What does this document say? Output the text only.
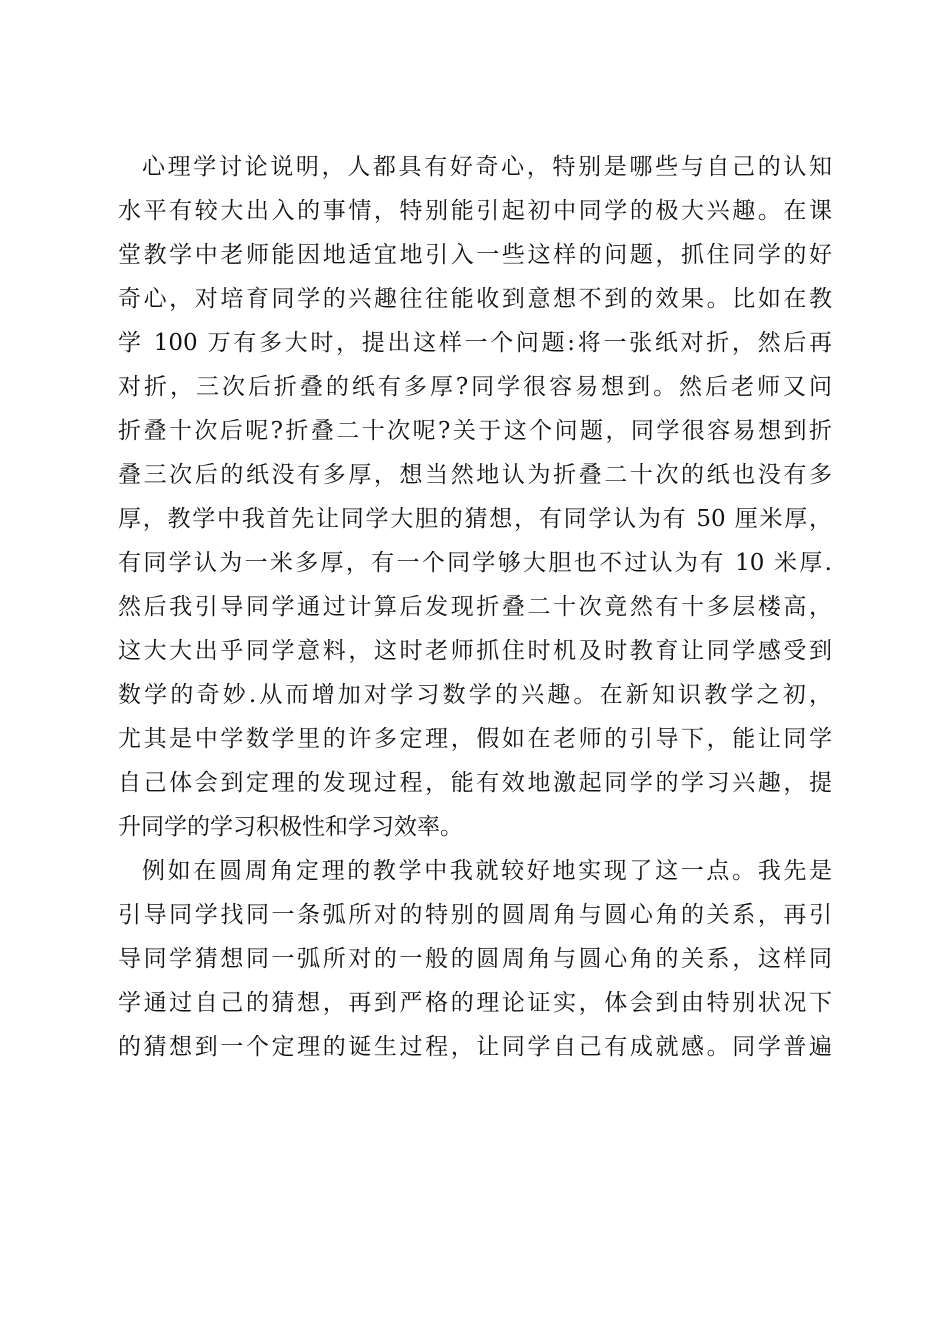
心理学讨论说明，人都具有好奇心，特别是哪些与自己的认知
水平有较大出入的事情，特别能引起初中同学的极大兴趣。在课
堂教学中老师能因地适宜地引入一些这样的问题，抓住同学的好
奇心，对培育同学的兴趣往往能收到意想不到的效果。比如在教
学 100 万有多大时，提出这样一个问题:将一张纸对折，然后再
对折，三次后折叠的纸有多厚?同学很容易想到。然后老师又问
折叠十次后呢?折叠二十次呢?关于这个问题，同学很容易想到折
叠三次后的纸没有多厚，想当然地认为折叠二十次的纸也没有多
厚，教学中我首先让同学大胆的猜想，有同学认为有 50 厘米厚，
有同学认为一米多厚，有一个同学够大胆也不过认为有 10 米厚.
然后我引导同学通过计算后发现折叠二十次竟然有十多层楼高，
这大大出乎同学意料，这时老师抓住时机及时教育让同学感受到
数学的奇妙.从而增加对学习数学的兴趣。在新知识教学之初，
尤其是中学数学里的许多定理，假如在老师的引导下，能让同学
自己体会到定理的发现过程，能有效地激起同学的学习兴趣，提
升同学的学习积极性和学习效率。
例如在圆周角定理的教学中我就较好地实现了这一点。我先是
引导同学找同一条弧所对的特别的圆周角与圆心角的关系，再引
导同学猜想同一弧所对的一般的圆周角与圆心角的关系，这样同
学通过自己的猜想，再到严格的理论证实，体会到由特别状况下
的猜想到一个定理的诞生过程，让同学自己有成就感。同学普遍
